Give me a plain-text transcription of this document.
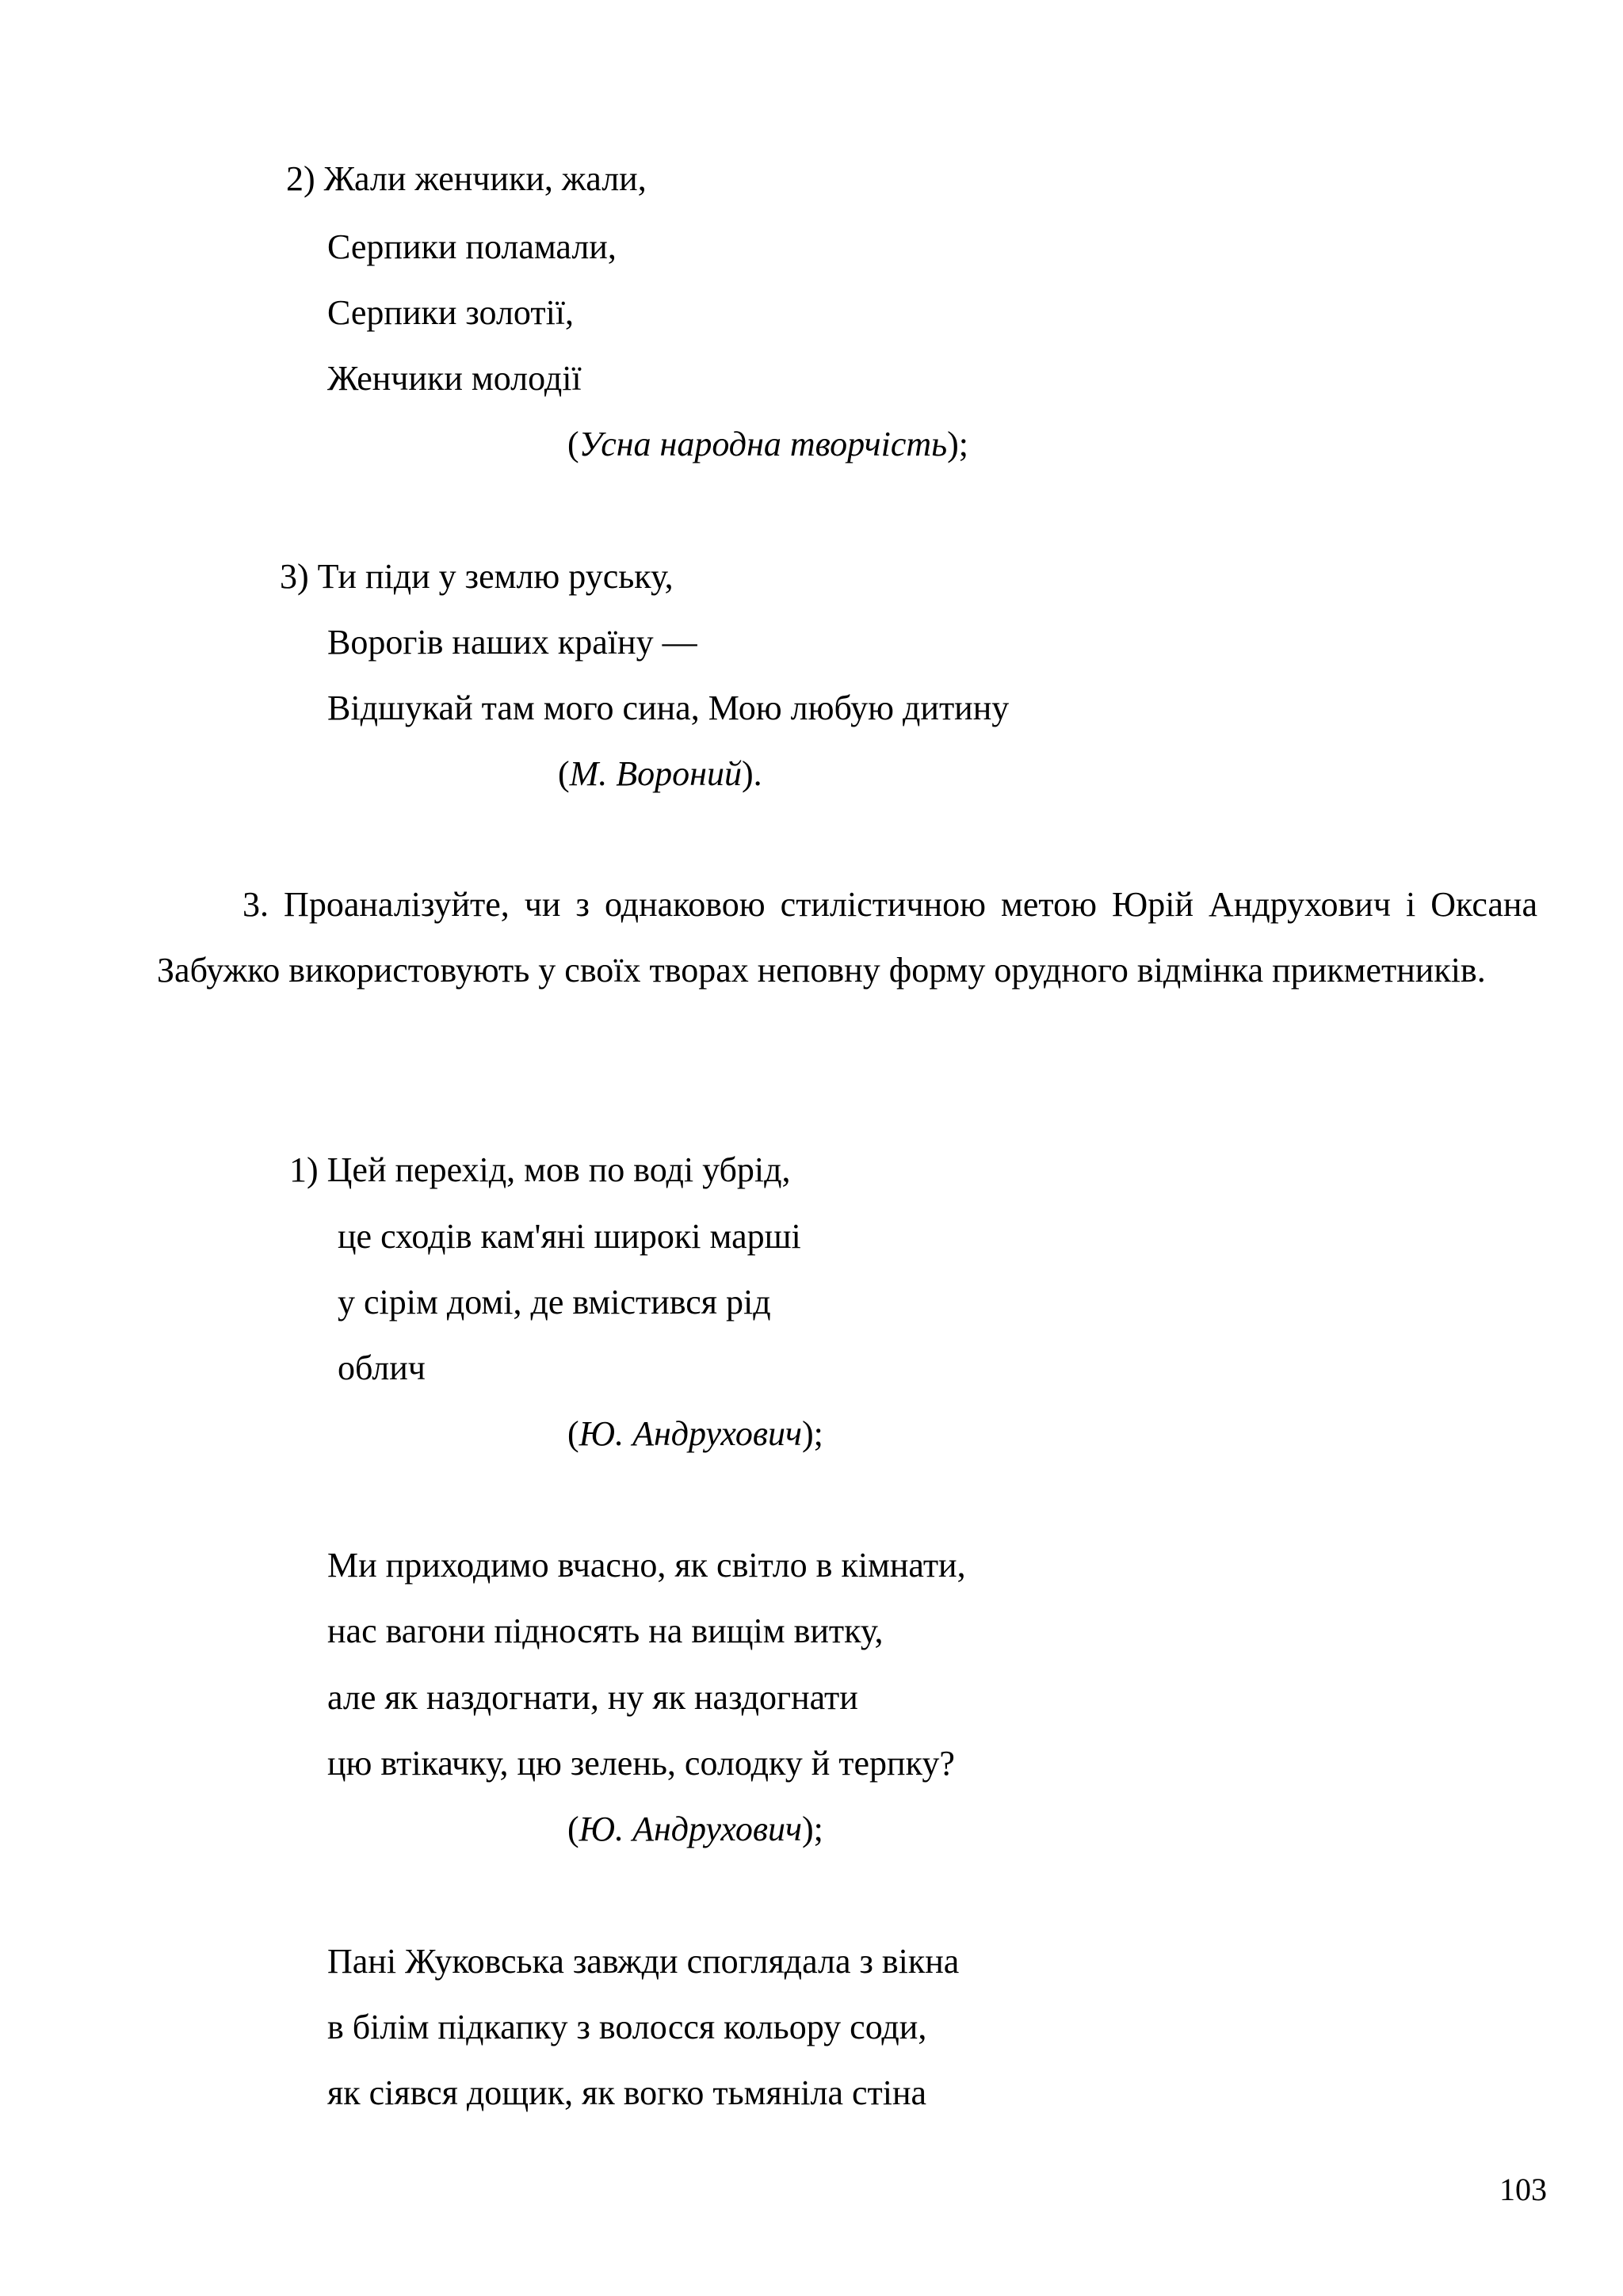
2) Жали женчики, жали,

Серпики поламали,

Серпики золотії,

Женчики молодії

(Усна народна творчість);

3) Ти піди у землю руську,

Ворогів наших країну —

Відшукай там мого сина, Мою любую дитину

(М. Вороний).

3. Проаналізуйте, чи з однаковою стилістичною метою Юрій Андрухович і Оксана Забужко використовують у своїх творах неповну форму орудного відмінка прикметників.

1) Цей перехід, мов по воді убрід,

це сходів кам'яні широкі марші

у сірім домі, де вмістився рід

облич

(Ю. Андрухович);

Ми приходимо вчасно, як світло в кімнати,

нас вагони підносять на вищім витку,

але як наздогнати, ну як наздогнати

цю втікачку, цю зелень, солодку й терпку?

(Ю. Андрухович);

Пані Жуковська завжди споглядала з вікна

в білім підкапку з волосся кольору соди,

як сіявся дощик, як вогко тьмяніла стіна

103
